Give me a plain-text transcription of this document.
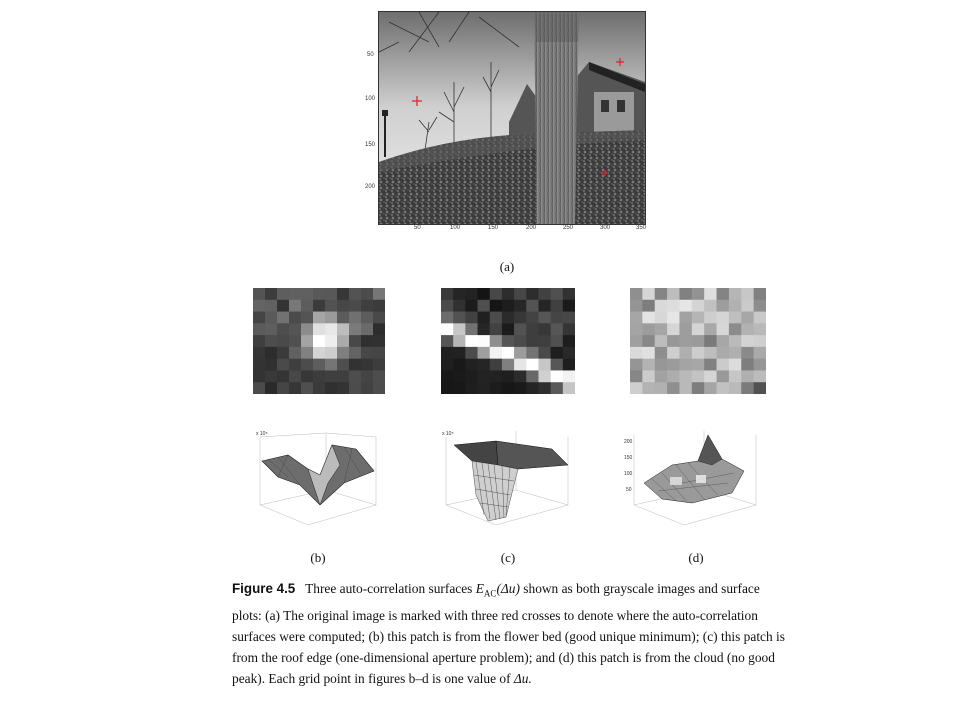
50	100	150	200	250	300	350
50
100
150
200
(a)
x 10⁵	x 10⁵
200
150
100
50
(b)	(c)	(d)
Figure 4.5 Three auto-correlation surfaces $E_{AC}(\Delta u)$ shown as both grayscale images and surface plots: (a) The original image is marked with three red crosses to denote where the auto-correlation surfaces were computed; (b) this patch is from the flower bed (good unique minimum); (c) this patch is from the roof edge (one-dimensional aperture problem); and (d) this patch is from the cloud (no good peak). Each grid point in figures b–d is one value of Δu.
